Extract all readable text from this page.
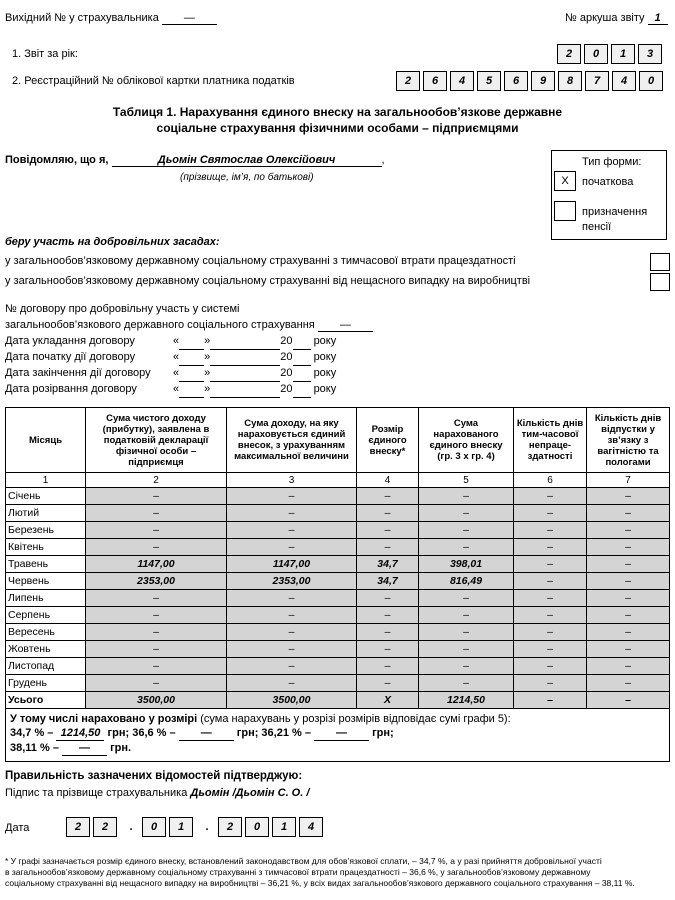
Вихідний № у страхувальника —	№ аркуша звіту 1
1. Звіт за рік:	2	0	1	3
2. Реєстраційний № облікової картки платника податків	2	6	4	5	6	9	8	7	4	0
Таблиця 1. Нарахування єдиного внеску на загальнообов’язкове державне
соціальне страхування фізичними особами – підприємцями
Повідомляю, що я,	Дьомін Святослав Олексійович	,
(прізвище, ім’я, по батькові)
Тип форми:
X	початкова
призначення
пенсії
беру участь на добровільних засадах:
у загальнообов’язковому державному соціальному страхуванні з тимчасової втрати працездатності
у загальнообов’язковому державному соціальному страхуванні від нещасного випадку на виробництві
№ договору про добровільну участь у системі
загальнообов’язкового державного соціального страхування —
Дата укладання договору	« »	20 року
Дата початку дії договору	« »	20 року
Дата закінчення дії договору « »	20 року
Дата розірвання договору	« »	20 року
Місяць	Сума чистого доходу (прибутку), заявлена в податковій декларації фізичної особи – підприємця	Сума доходу, на яку нараховується єдиний внесок, з урахуванням максимальної величини	Розмір єдиного внеску*	Сума нарахованого єдиного внеску (гр. 3 х гр. 4)	Кількість днів тим-часової непраце-здатності	Кількість днів відпустки у зв’язку з вагітністю та пологами
1	2	3	4	5	6	7
Січень	–	–	–	–	–	–
Лютий	–	–	–	–	–	–
Березень	–	–	–	–	–	–
Квітень	–	–	–	–	–	–
Травень	1147,00	1147,00	34,7	398,01	–	–
Червень	2353,00	2353,00	34,7	816,49	–	–
Липень	–	–	–	–	–	–
Серпень	–	–	–	–	–	–
Вересень	–	–	–	–	–	–
Жовтень	–	–	–	–	–	–
Листопад	–	–	–	–	–	–
Грудень	–	–	–	–	–	–
Усього	3500,00	3500,00	X	1214,50	–	–
У тому числі нараховано у розмірі (сума нарахувань у розрізі розмірів відповідає сумі графи 5):
34,7 % – 1214,50 грн; 36,6 % – — грн; 36,21 % – — грн;
38,11 % – — грн.						
Правильність зазначених відомостей підтверджую:
Підпис та прізвище страхувальника Дьомін /Дьомін С. О. /
Дата	2	2	.	0	1	.	2	0	1	4
* У графі зазначається розмір єдиного внеску, встановлений законодавством для обов’язкової сплати, – 34,7 %, а у разі прийняття добровільної участі
в загальнообов’язковому державному соціальному страхуванні з тимчасової втрати працездатності – 36,6 %, у загальнообов’язковому державному
соціальному страхуванні від нещасного випадку на виробництві – 36,21 %, у всіх видах загальнообов’язкового державного соціального страхування – 38,11 %.
